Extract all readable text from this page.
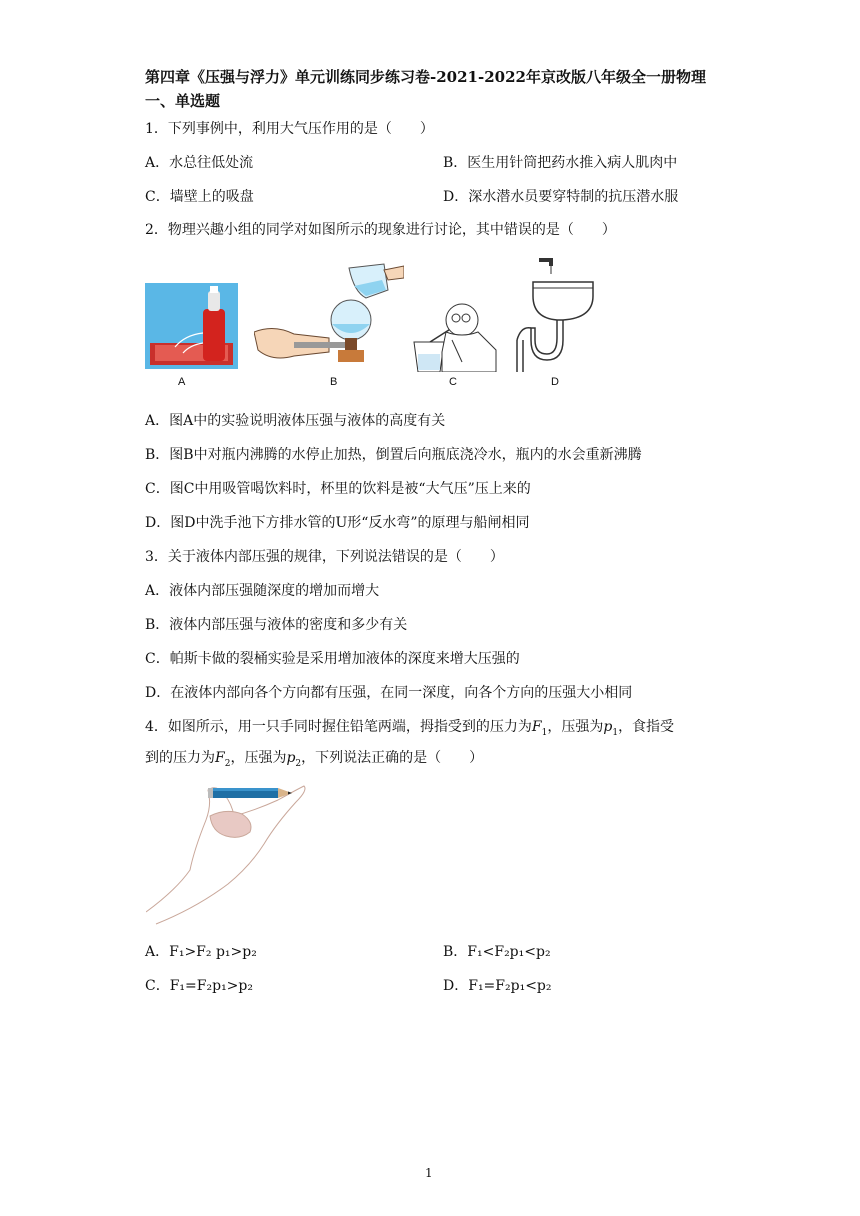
第四章《压强与浮力》单元训练同步练习卷-2021-2022年京改版八年级全一册物理
一、单选题
1．下列事例中，利用大气压作用的是（　　）
A．水总往低处流	B．医生用针筒把药水推入病人肌肉中
C．墙壁上的吸盘	D．深水潜水员要穿特制的抗压潜水服
2．物理兴趣小组的同学对如图所示的现象进行讨论，其中错误的是（　　）
A	B	C	D
A．图A中的实验说明液体压强与液体的高度有关
B．图B中对瓶内沸腾的水停止加热，倒置后向瓶底浇冷水，瓶内的水会重新沸腾
C．图C中用吸管喝饮料时，杯里的饮料是被“大气压”压上来的
D．图D中洗手池下方排水管的U形“反水弯”的原理与船闸相同
3．关于液体内部压强的规律，下列说法错误的是（　　）
A．液体内部压强随深度的增加而增大
B．液体内部压强与液体的密度和多少有关
C．帕斯卡做的裂桶实验是采用增加液体的深度来增大压强的
D．在液体内部向各个方向都有压强，在同一深度，向各个方向的压强大小相同
4．如图所示，用一只手同时握住铅笔两端，拇指受到的压力为$F_1$，压强为$p_1$，食指受
到的压力为$F_2$，压强为$p_2$，下列说法正确的是（　　）
A．F₁>F₂ p₁>p₂	B．F₁<F₂p₁<p₂
C．F₁=F₂p₁>p₂	D．F₁=F₂p₁<p₂
1
